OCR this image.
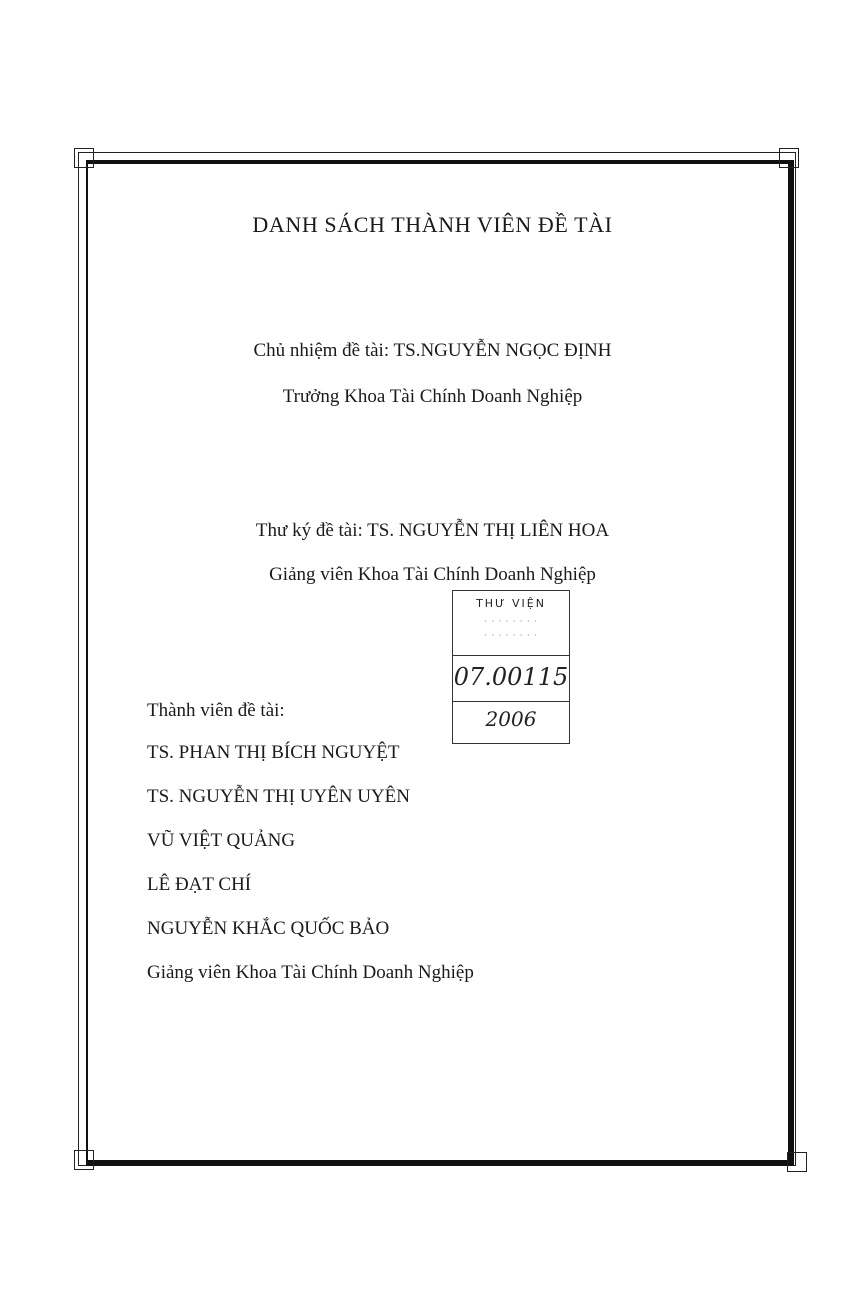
DANH SÁCH THÀNH VIÊN ĐỀ TÀI
Chủ nhiệm đề tài: TS.NGUYỄN NGỌC ĐỊNH
Trưởng Khoa Tài Chính Doanh Nghiệp
Thư ký đề tài: TS. NGUYỄN THỊ LIÊN HOA
Giảng viên Khoa Tài Chính Doanh Nghiệp
THƯ VIỆN
· · · · · · · ·
· · · · · · · ·
07.00115
2006
Thành viên đề tài:
TS. PHAN THỊ BÍCH NGUYỆT
TS. NGUYỄN THỊ UYÊN UYÊN
VŨ VIỆT QUẢNG
LÊ ĐẠT CHÍ
NGUYỄN KHẮC QUỐC BẢO
Giảng viên Khoa Tài Chính Doanh Nghiệp
